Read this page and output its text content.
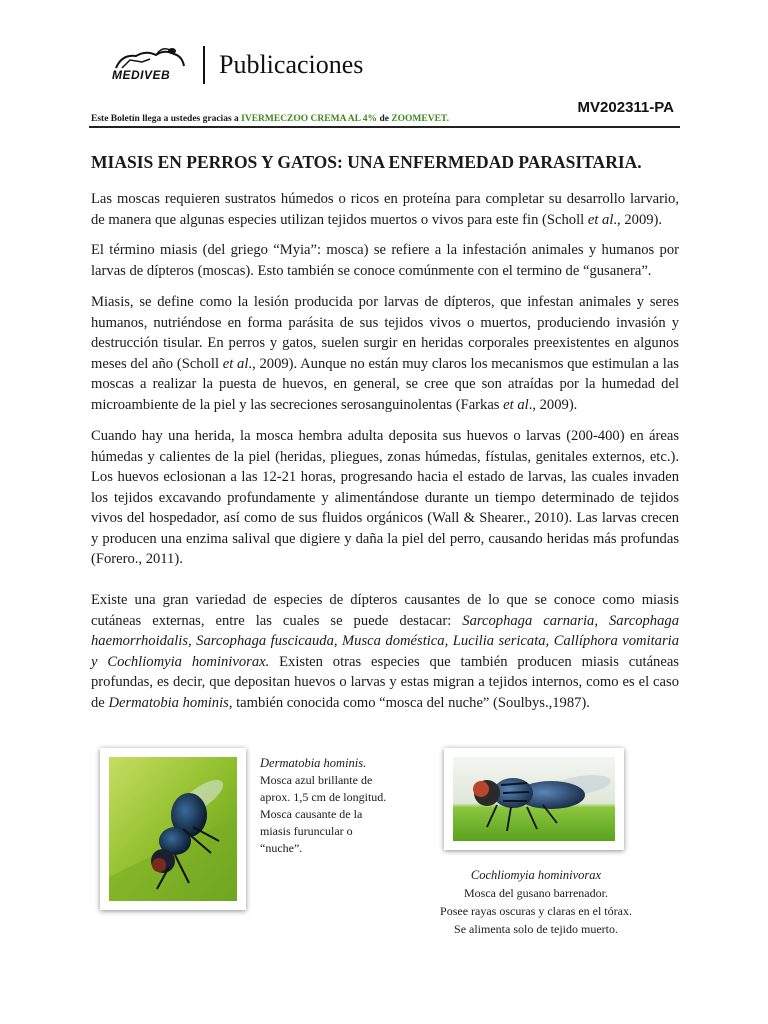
MEDIVEB Publicaciones
MV202311-PA
Este Boletín llega a ustedes gracias a IVERMECZOO CREMA AL 4% de ZOOMEVET.
MIASIS EN PERROS Y GATOS: UNA ENFERMEDAD PARASITARIA.

Las moscas requieren sustratos húmedos o ricos en proteína para completar su desarrollo larvario, de manera que algunas especies utilizan tejidos muertos o vivos para este fin (Scholl et al., 2009).

El término miasis (del griego “Myia”: mosca) se refiere a la infestación animales y humanos por larvas de dípteros (moscas). Esto también se conoce comúnmente con el termino de “gusanera”.

Miasis, se define como la lesión producida por larvas de dípteros, que infestan animales y seres humanos, nutriéndose en forma parásita de sus tejidos vivos o muertos, produciendo invasión y destrucción tisular. En perros y gatos, suelen surgir en heridas corporales preexistentes en algunos meses del año (Scholl et al., 2009). Aunque no están muy claros los mecanismos que estimulan a las moscas a realizar la puesta de huevos, en general, se cree que son atraídas por la humedad del microambiente de la piel y las secreciones serosanguinolentas (Farkas et al., 2009).

Cuando hay una herida, la mosca hembra adulta deposita sus huevos o larvas (200-400) en áreas húmedas y calientes de la piel (heridas, pliegues, zonas húmedas, fístulas, genitales externos, etc.). Los huevos eclosionan a las 12-21 horas, progresando hacia el estado de larvas, las cuales invaden los tejidos excavando profundamente y alimentándose durante un tiempo determinado de tejidos vivos del hospedador, así como de sus fluidos orgánicos (Wall & Shearer., 2010). Las larvas crecen y producen una enzima salival que digiere y daña la piel del perro, causando heridas más profundas (Forero., 2011).

Existe una gran variedad de especies de dípteros causantes de lo que se conoce como miasis cutáneas externas, entre las cuales se puede destacar: Sarcophaga carnaria, Sarcophaga haemorrhoidalis, Sarcophaga fuscicauda, Musca doméstica, Lucilia sericata, Callíphora vomitaria y Cochliomyia hominivorax. Existen otras especies que también producen miasis cutáneas profundas, es decir, que depositan huevos o larvas y estas migran a tejidos internos, como es el caso de Dermatobia hominis, también conocida como “mosca del nuche” (Soulbys.,1987).

Dermatobia hominis.
Mosca azul brillante de
aprox. 1,5 cm de longitud.
Mosca causante de la
miasis furuncular o
“nuche”.
Cochliomyia hominivorax
Mosca del gusano barrenador.
Posee rayas oscuras y claras en el tórax.
Se alimenta solo de tejido muerto.
